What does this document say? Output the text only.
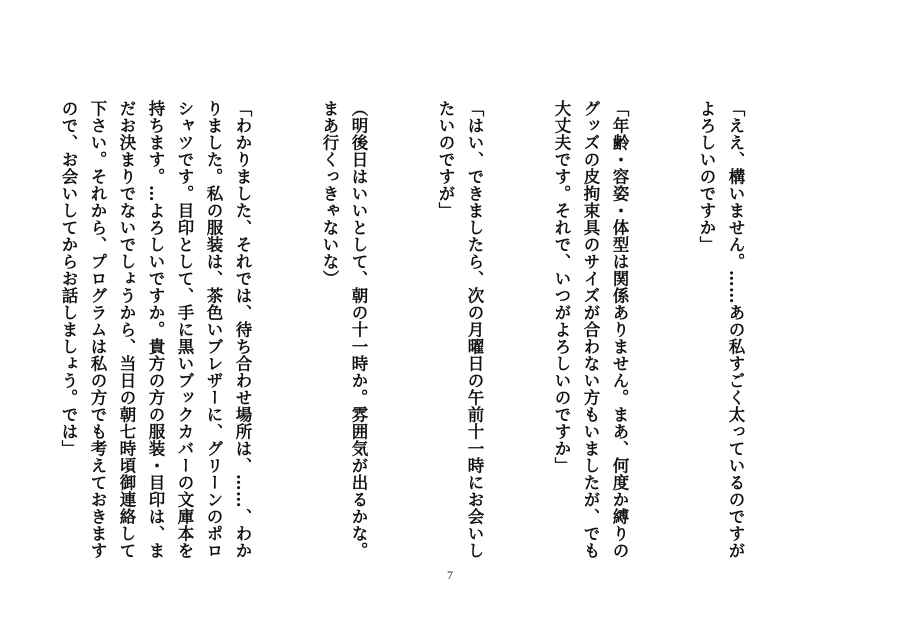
「ええ、構いません。……あの私すごく太っているのですがよろしいのですか」

「年齢・容姿・体型は関係ありません。まあ、何度か縛りのグッズの皮拘束具のサイズが合わない方もいましたが、でも大丈夫です。それで、いつがよろしいのですか」

「はい、できましたら、次の月曜日の午前十一時にお会いしたいのですが」

（明後日はいいとして、朝の十一時か。雰囲気が出るかな。まあ行くっきゃないな）

「わかりました、それでは、待ち合わせ場所は、……、わかりました。私の服装は、茶色いブレザーに、グリーンのポロシャツです。目印として、手に黒いブックカバーの文庫本を持ちます。…よろしいですか。貴方の方の服装・目印は、まだお決まりでないでしょうから、当日の朝七時頃御連絡して下さい。それから、プログラムは私の方でも考えておきますので、お会いしてからお話しましょう。では」

7
